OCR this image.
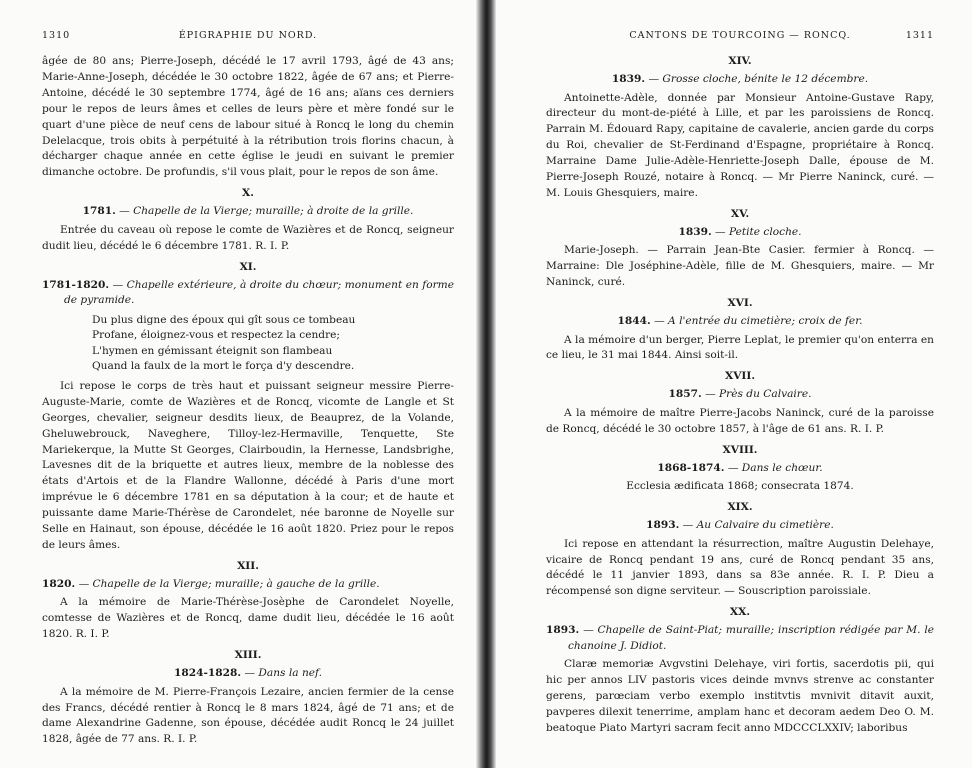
1310	ÉPIGRAPHIE DU NORD.

âgée de 80 ans; Pierre-Joseph, décédé le 17 avril 1793, âgé de 43 ans; Marie-Anne-Joseph, décédée le 30 octobre 1822, âgée de 67 ans; et Pierre-Antoine, décédé le 30 septembre 1774, âgé de 16 ans; aïans ces derniers pour le repos de leurs âmes et celles de leurs père et mère fondé sur le quart d'une pièce de neuf cens de labour situé à Roncq le long du chemin Delelacque, trois obits à perpétuité à la rétribution trois florins chacun, à décharger chaque année en cette église le jeudi en suivant le premier dimanche octobre. De profundis, s'il vous plait, pour le repos de son âme.

X.
1781. — Chapelle de la Vierge; muraille; à droite de la grille.

Entrée du caveau où repose le comte de Wazières et de Roncq, seigneur dudit lieu, décédé le 6 décembre 1781. R. I. P.

XI.
1781-1820. — Chapelle extérieure, à droite du chœur; monument en forme de pyramide.
Du plus digne des époux qui gît sous ce tombeau
Profane, éloignez-vous et respectez la cendre;
L'hymen en gémissant éteignit son flambeau
Quand la faulx de la mort le força d'y descendre.

Ici repose le corps de très haut et puissant seigneur messire Pierre-Auguste-Marie, comte de Wazières et de Roncq, vicomte de Langle et St Georges, chevalier, seigneur desdits lieux, de Beauprez, de la Volande, Gheluwebrouck, Naveghere, Tilloy-lez-Hermaville, Tenquette, Ste Mariekerque, la Mutte St Georges, Clairboudin, la Hernesse, Landsbrighe, Lavesnes dit de la briquette et autres lieux, membre de la noblesse des états d'Artois et de la Flandre Wallonne, décédé à Paris d'une mort imprévue le 6 décembre 1781 en sa députation à la cour; et de haute et puissante dame Marie-Thérèse de Carondelet, née baronne de Noyelle sur Selle en Hainaut, son épouse, décédée le 16 août 1820. Priez pour le repos de leurs âmes.

XII.
1820. — Chapelle de la Vierge; muraille; à gauche de la grille.

A la mémoire de Marie-Thérèse-Josèphe de Carondelet Noyelle, comtesse de Wazières et de Roncq, dame dudit lieu, décédée le 16 août 1820. R. I. P.

XIII.
1824-1828. — Dans la nef.

A la mémoire de M. Pierre-François Lezaire, ancien fermier de la cense des Francs, décédé rentier à Roncq le 8 mars 1824, âgé de 71 ans; et de dame Alexandrine Gadenne, son épouse, décédée audit Roncq le 24 juillet 1828, âgée de 77 ans. R. I. P.

CANTONS DE TOURCOING — RONCQ.	1311
XIV.
1839. — Grosse cloche, bénite le 12 décembre.

Antoinette-Adèle, donnée par Monsieur Antoine-Gustave Rapy, directeur du mont-de-piété à Lille, et par les paroissiens de Roncq. Parrain M. Édouard Rapy, capitaine de cavalerie, ancien garde du corps du Roi, chevalier de St-Ferdinand d'Espagne, propriétaire à Roncq. Marraine Dame Julie-Adèle-Henriette-Joseph Dalle, épouse de M. Pierre-Joseph Rouzé, notaire à Roncq. — Mr Pierre Naninck, curé. — M. Louis Ghesquiers, maire.

XV.
1839. — Petite cloche.

Marie-Joseph. — Parrain Jean-Bte Casier. fermier à Roncq. — Marraine: Dle Joséphine-Adèle, fille de M. Ghesquiers, maire. — Mr Naninck, curé.

XVI.
1844. — A l'entrée du cimetière; croix de fer.

A la mémoire d'un berger, Pierre Leplat, le premier qu'on enterra en ce lieu, le 31 mai 1844. Ainsi soit-il.

XVII.
1857. — Près du Calvaire.

A la mémoire de maître Pierre-Jacobs Naninck, curé de la paroisse de Roncq, décédé le 30 octobre 1857, à l'âge de 61 ans. R. I. P.

XVIII.
1868-1874. — Dans le chœur.

Ecclesia ædificata 1868; consecrata 1874.

XIX.
1893. — Au Calvaire du cimetière.

Ici repose en attendant la résurrection, maître Augustin Delehaye, vicaire de Roncq pendant 19 ans, curé de Roncq pendant 35 ans, décédé le 11 janvier 1893, dans sa 83e année. R. I. P. Dieu a récompensé son digne serviteur. — Souscription paroissiale.

XX.
1893. — Chapelle de Saint-Piat; muraille; inscription rédigée par M. le chanoine J. Didiot.

Claræ memoriæ Avgvstini Delehaye, viri fortis, sacerdotis pii, qui hic per annos LIV pastoris vices deinde mvnvs strenve ac constanter gerens, parœciam verbo exemplo institvtis mvnivit ditavit auxit, pavperes dilexit tenerrime, amplam hanc et decoram aedem Deo O. M. beatoque Piato Martyri sacram fecit anno MDCCCLXXIV; laboribus
